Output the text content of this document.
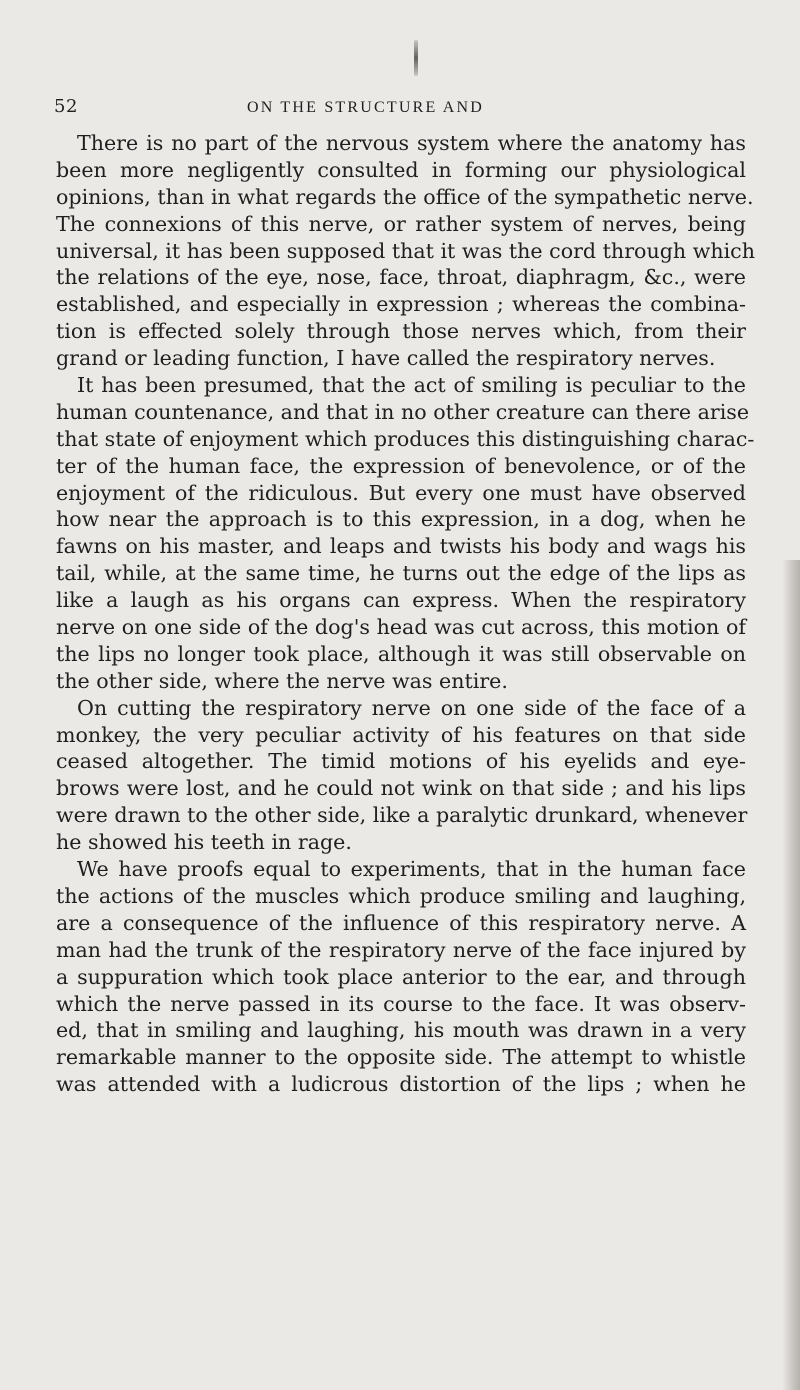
52	ON THE STRUCTURE AND
There is no part of the nervous system where the anatomy has
been more negligently consulted in forming our physiological
opinions, than in what regards the office of the sympathetic nerve.
The connexions of this nerve, or rather system of nerves, being
universal, it has been supposed that it was the cord through which
the relations of the eye, nose, face, throat, diaphragm, &c., were
established, and especially in expression ; whereas the combina-
tion is effected solely through those nerves which, from their
grand or leading function, I have called the respiratory nerves.
It has been presumed, that the act of smiling is peculiar to the
human countenance, and that in no other creature can there arise
that state of enjoyment which produces this distinguishing charac-
ter of the human face, the expression of benevolence, or of the
enjoyment of the ridiculous. But every one must have observed
how near the approach is to this expression, in a dog, when he
fawns on his master, and leaps and twists his body and wags his
tail, while, at the same time, he turns out the edge of the lips as
like a laugh as his organs can express. When the respiratory
nerve on one side of the dog's head was cut across, this motion of
the lips no longer took place, although it was still observable on
the other side, where the nerve was entire.
On cutting the respiratory nerve on one side of the face of a
monkey, the very peculiar activity of his features on that side
ceased altogether. The timid motions of his eyelids and eye-
brows were lost, and he could not wink on that side ; and his lips
were drawn to the other side, like a paralytic drunkard, whenever
he showed his teeth in rage.
We have proofs equal to experiments, that in the human face
the actions of the muscles which produce smiling and laughing,
are a consequence of the influence of this respiratory nerve. A
man had the trunk of the respiratory nerve of the face injured by
a suppuration which took place anterior to the ear, and through
which the nerve passed in its course to the face. It was observ-
ed, that in smiling and laughing, his mouth was drawn in a very
remarkable manner to the opposite side. The attempt to whistle
was attended with a ludicrous distortion of the lips ; when he
